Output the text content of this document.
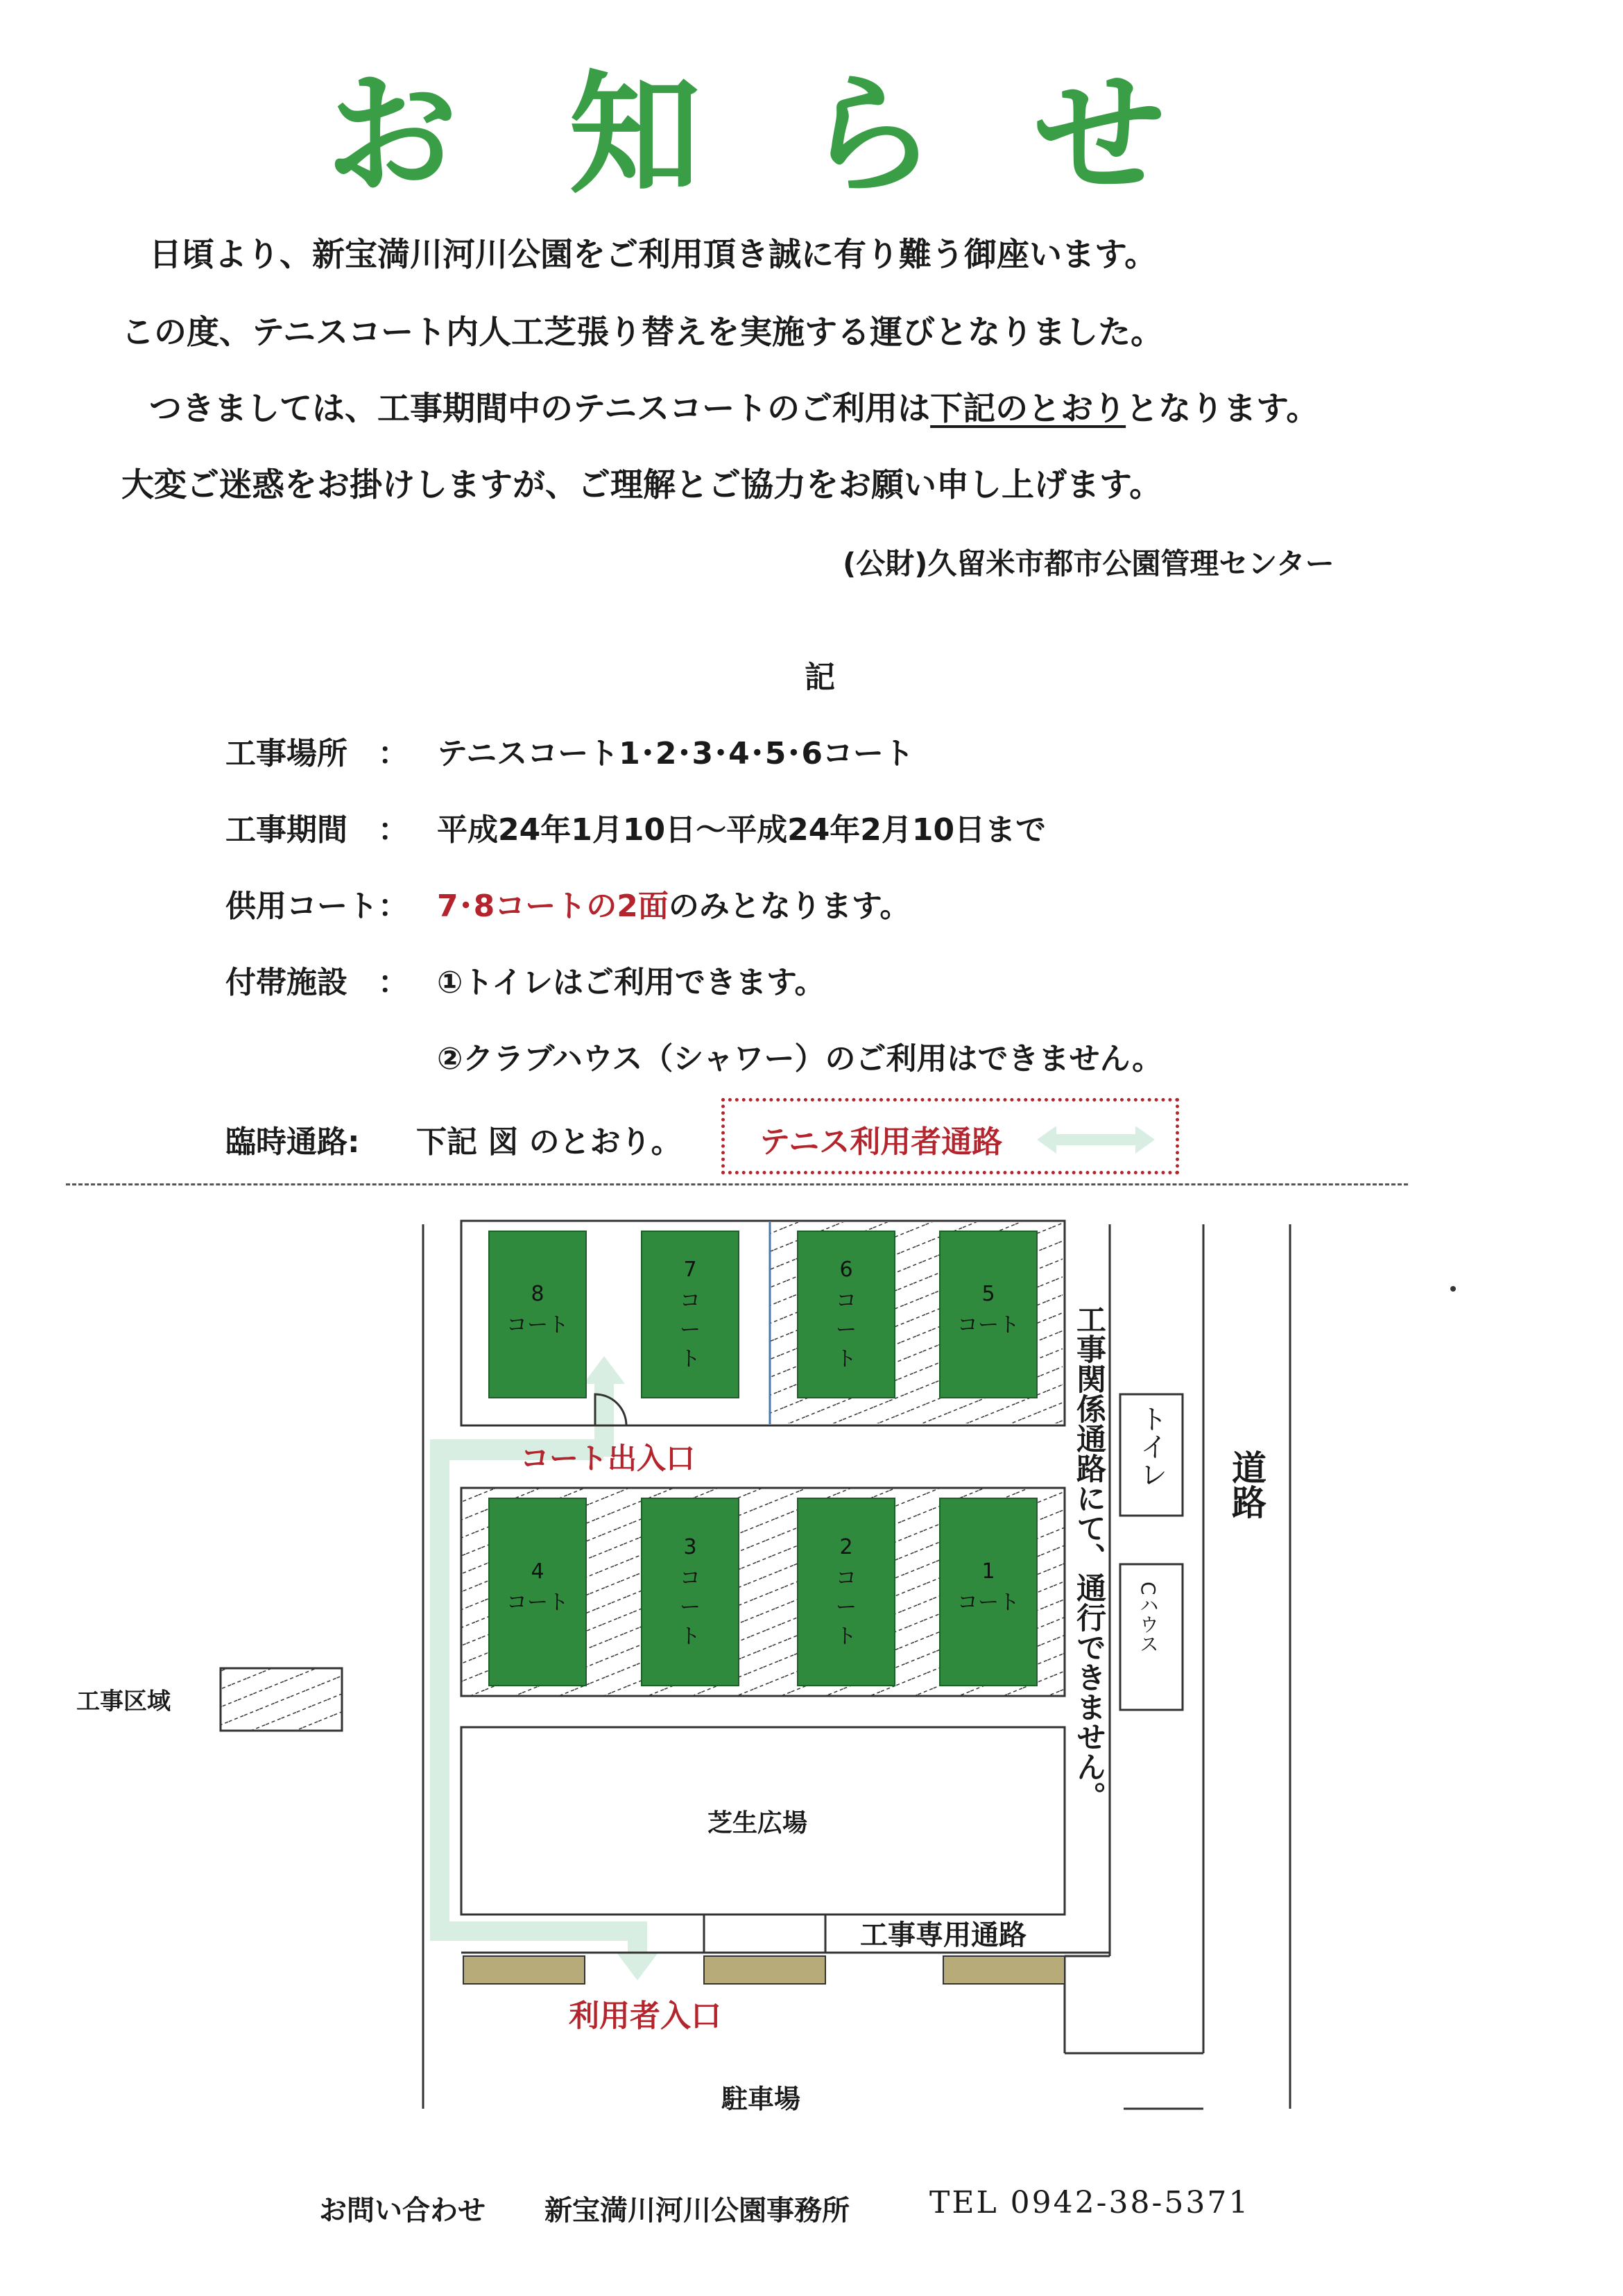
お 知 ら せ
日頃より、新宝満川河川公園をご利用頂き誠に有り難う御座います。
この度、テニスコート内人工芝張り替えを実施する運びとなりました。
つきましては、工事期間中のテニスコートのご利用は下記のとおりとなります。
大変ご迷惑をお掛けしますが、ご理解とご協力をお願い申し上げます。
(公財)久留米市都市公園管理センター
記
工事場所 ： テニスコート1･2･3･4･5･6コート
工事期間 ： 平成24年1月10日～平成24年2月10日まで
供用コート ： 7･8コートの2面のみとなります。
付帯施設 ： ①トイレはご利用できます。
②クラブハウス（シャワー）のご利用はできません。
臨時通路: 下記 図 のとおり。	テニス利用者通路
8
コート
7
コート
6
コート
5
コート
4
コート
3
コート
2
コート
1
コート
コート出入口	工事関係通路にて、通行できません。 トイレ
Cハウス
道路
工事区域
芝生広場
工事専用通路
利用者入口
駐車場
お問い合わせ 新宝満川河川公園事務所	TEL 0942-38-5371
